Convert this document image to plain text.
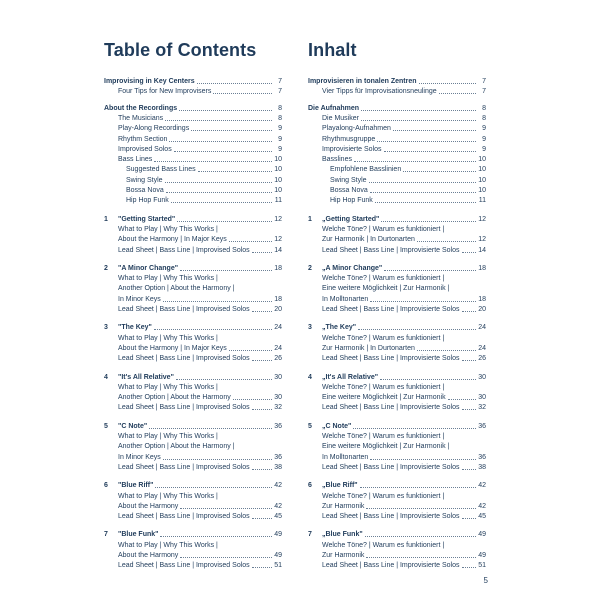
Table of Contents
Improvising in Key Centers	7
Four Tips for New Improvisers	7
About the Recordings	8
The Musicians	8
Play-Along Recordings	9
Rhythm Section	9
Improvised Solos	9
Bass Lines	10
Suggested Bass Lines	10
Swing Style	10
Bossa Nova	10
Hip Hop Funk	11
1 "Getting Started"	12
What to Play | Why This Works |
About the Harmony | In Major Keys	12
Lead Sheet | Bass Line | Improvised Solos	14
2 "A Minor Change"	18
What to Play | Why This Works |
Another Option | About the Harmony |
In Minor Keys	18
Lead Sheet | Bass Line | Improvised Solos	20
3 "The Key"	24
What to Play | Why This Works |
About the Harmony | In Major Keys	24
Lead Sheet | Bass Line | Improvised Solos	26
4 "It's All Relative"	30
What to Play | Why This Works |
Another Option | About the Harmony	30
Lead Sheet | Bass Line | Improvised Solos	32
5 "C Note"	36
What to Play | Why This Works |
Another Option | About the Harmony |
In Minor Keys	36
Lead Sheet | Bass Line | Improvised Solos	38
6 "Blue Riff"	42
What to Play | Why This Works |
About the Harmony	42
Lead Sheet | Bass Line | Improvised Solos	45
7 "Blue Funk"	49
What to Play | Why This Works |
About the Harmony	49
Lead Sheet | Bass Line | Improvised Solos	51
Inhalt
Improvisieren in tonalen Zentren	7
Vier Tipps für Improvisationsneulinge	7
Die Aufnahmen	8
Die Musiker	8
Playalong-Aufnahmen	9
Rhythmusgruppe	9
Improvisierte Solos	9
Basslines	10
Empfohlene Basslinien	10
Swing Style	10
Bossa Nova	10
Hip Hop Funk	11
1 „Getting Started"	12
Welche Töne? | Warum es funktioniert |
Zur Harmonik | In Durtonarten	12
Lead Sheet | Bass Line | Improvisierte Solos	14
2 „A Minor Change"	18
Welche Töne? | Warum es funktioniert |
Eine weitere Möglichkeit | Zur Harmonik |
In Molltonarten	18
Lead Sheet | Bass Line | Improvisierte Solos	20
3 „The Key"	24
Welche Töne? | Warum es funktioniert |
Zur Harmonik | In Durtonarten	24
Lead Sheet | Bass Line | Improvisierte Solos	26
4 „It's All Relative"	30
Welche Töne? | Warum es funktioniert |
Eine weitere Möglichkeit | Zur Harmonik	30
Lead Sheet | Bass Line | Improvisierte Solos	32
5 „C Note"	36
Welche Töne? | Warum es funktioniert |
Eine weitere Möglichkeit | Zur Harmonik |
In Molltonarten	36
Lead Sheet | Bass Line | Improvisierte Solos	38
6 „Blue Riff"	42
Welche Töne? | Warum es funktioniert |
Zur Harmonik	42
Lead Sheet | Bass Line | Improvisierte Solos	45
7 „Blue Funk"	49
Welche Töne? | Warum es funktioniert |
Zur Harmonik	49
Lead Sheet | Bass Line | Improvisierte Solos	51
5
